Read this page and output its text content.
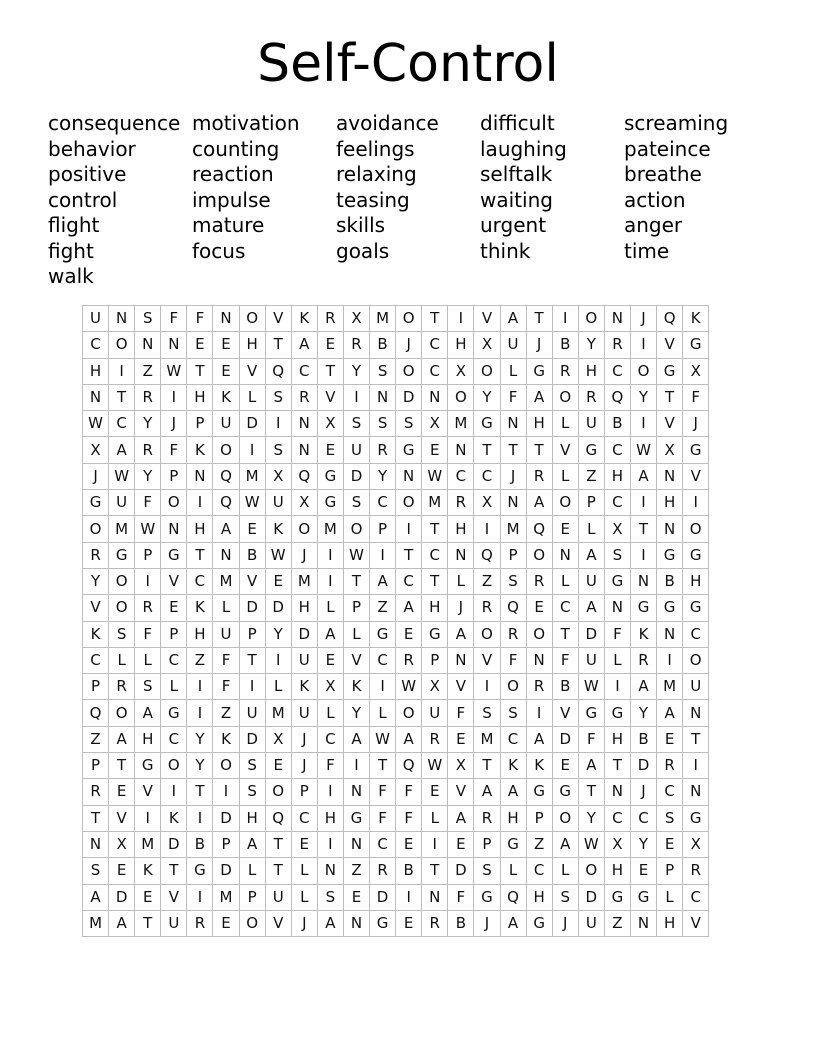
Self-Control
consequence
behavior
positive
control
flight
fight
walk
motivation
counting
reaction
impulse
mature
focus
avoidance
feelings
relaxing
teasing
skills
goals
difficult
laughing
selftalk
waiting
urgent
think
screaming
pateince
breathe
action
anger
time
U	N	S	F	F	N	O	V	K	R	X	M	O	T	I	V	A	T	I	O	N	J	Q	K
C	O	N	N	E	E	H	T	A	E	R	B	J	C	H	X	U	J	B	Y	R	I	V	G
H	I	Z	W	T	E	V	Q	C	T	Y	S	O	C	X	O	L	G	R	H	C	O	G	X
N	T	R	I	H	K	L	S	R	V	I	N	D	N	O	Y	F	A	O	R	Q	Y	T	F
W	C	Y	J	P	U	D	I	N	X	S	S	S	X	M	G	N	H	L	U	B	I	V	J
X	A	R	F	K	O	I	S	N	E	U	R	G	E	N	T	T	T	V	G	C	W	X	G
J	W	Y	P	N	Q	M	X	Q	G	D	Y	N	W	C	C	J	R	L	Z	H	A	N	V
G	U	F	O	I	Q	W	U	X	G	S	C	O	M	R	X	N	A	O	P	C	I	H	I
O	M	W	N	H	A	E	K	O	M	O	P	I	T	H	I	M	Q	E	L	X	T	N	O
R	G	P	G	T	N	B	W	J	I	W	I	T	C	N	Q	P	O	N	A	S	I	G	G
Y	O	I	V	C	M	V	E	M	I	T	A	C	T	L	Z	S	R	L	U	G	N	B	H
V	O	R	E	K	L	D	D	H	L	P	Z	A	H	J	R	Q	E	C	A	N	G	G	G
K	S	F	P	H	U	P	Y	D	A	L	G	E	G	A	O	R	O	T	D	F	K	N	C
C	L	L	C	Z	F	T	I	U	E	V	C	R	P	N	V	F	N	F	U	L	R	I	O
P	R	S	L	I	F	I	L	K	X	K	I	W	X	V	I	O	R	B	W	I	A	M	U
Q	O	A	G	I	Z	U	M	U	L	Y	L	O	U	F	S	S	I	V	G	G	Y	A	N
Z	A	H	C	Y	K	D	X	J	C	A	W	A	R	E	M	C	A	D	F	H	B	E	T
P	T	G	O	Y	O	S	E	J	F	I	T	Q	W	X	T	K	K	E	A	T	D	R	I
R	E	V	I	T	I	S	O	P	I	N	F	F	E	V	A	A	G	G	T	N	J	C	N
T	V	I	K	I	D	H	Q	C	H	G	F	F	L	A	R	H	P	O	Y	C	C	S	G
N	X	M	D	B	P	A	T	E	I	N	C	E	I	E	P	G	Z	A	W	X	Y	E	X
S	E	K	T	G	D	L	T	L	N	Z	R	B	T	D	S	L	C	L	O	H	E	P	R
A	D	E	V	I	M	P	U	L	S	E	D	I	N	F	G	Q	H	S	D	G	G	L	C
M	A	T	U	R	E	O	V	J	A	N	G	E	R	B	J	A	G	J	U	Z	N	H	V
